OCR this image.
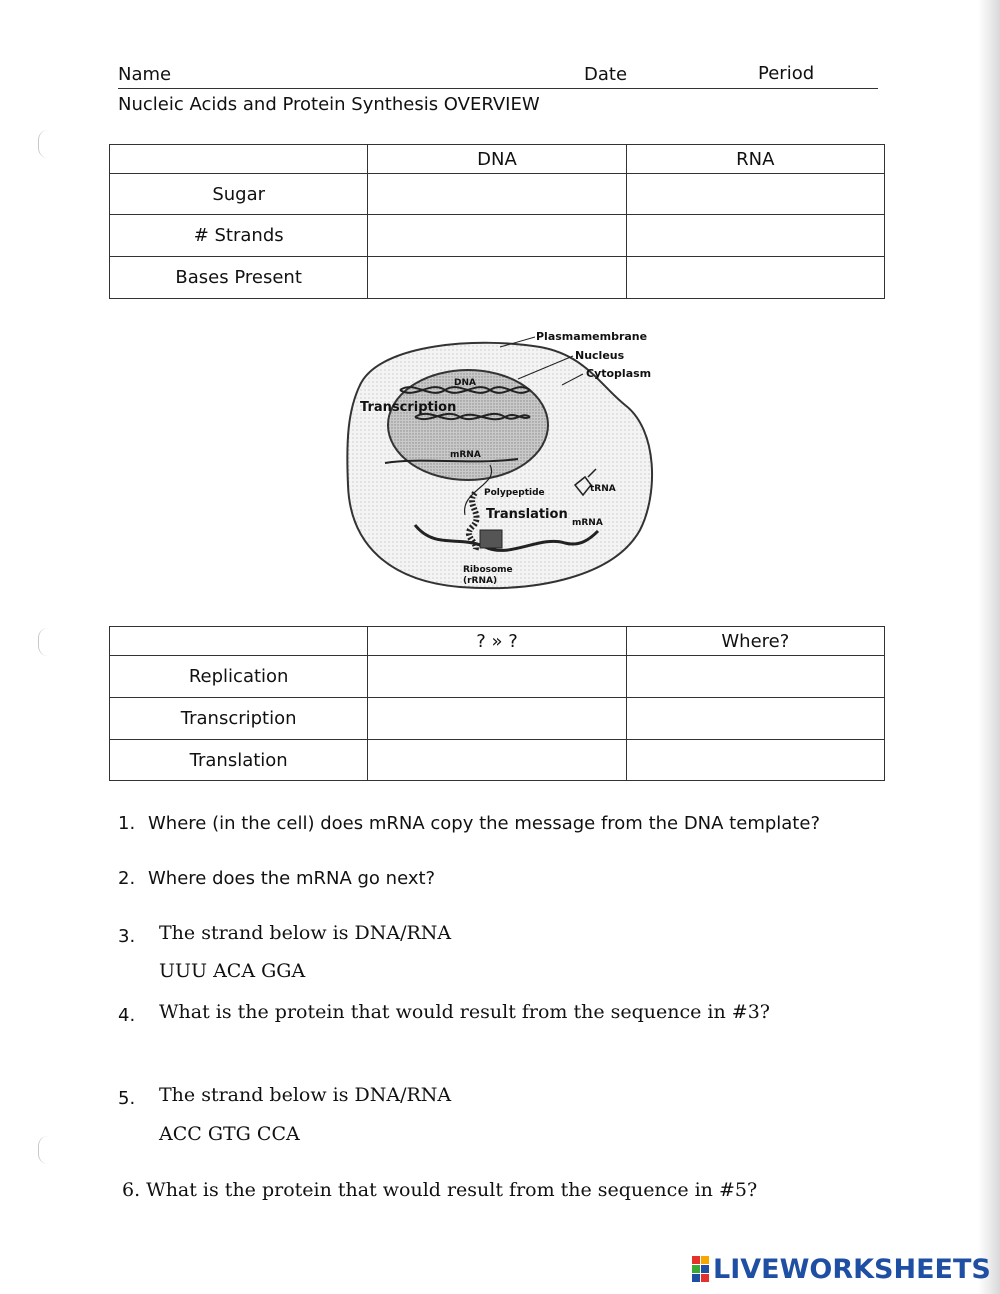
Name	Date	Period
Nucleic Acids and Protein Synthesis OVERVIEW
	DNA	RNA
Sugar		
# Strands		
Bases Present		
Plasmamembrane
Nucleus
Cytoplasm
DNA
Transcription
mRNA
Polypeptide	tRNA
Translation
mRNA
Ribosome
(rRNA)
	? » ?	Where?
Replication		
Transcription		
Translation		
1. Where (in the cell) does mRNA copy the message from the DNA template?
2. Where does the mRNA go next?
3. The strand below is DNA/RNA
UUU ACA GGA
4. What is the protein that would result from the sequence in #3?
5. The strand below is DNA/RNA
ACC GTG CCA
6. What is the protein that would result from the sequence in #5?
LIVEWORKSHEETS
